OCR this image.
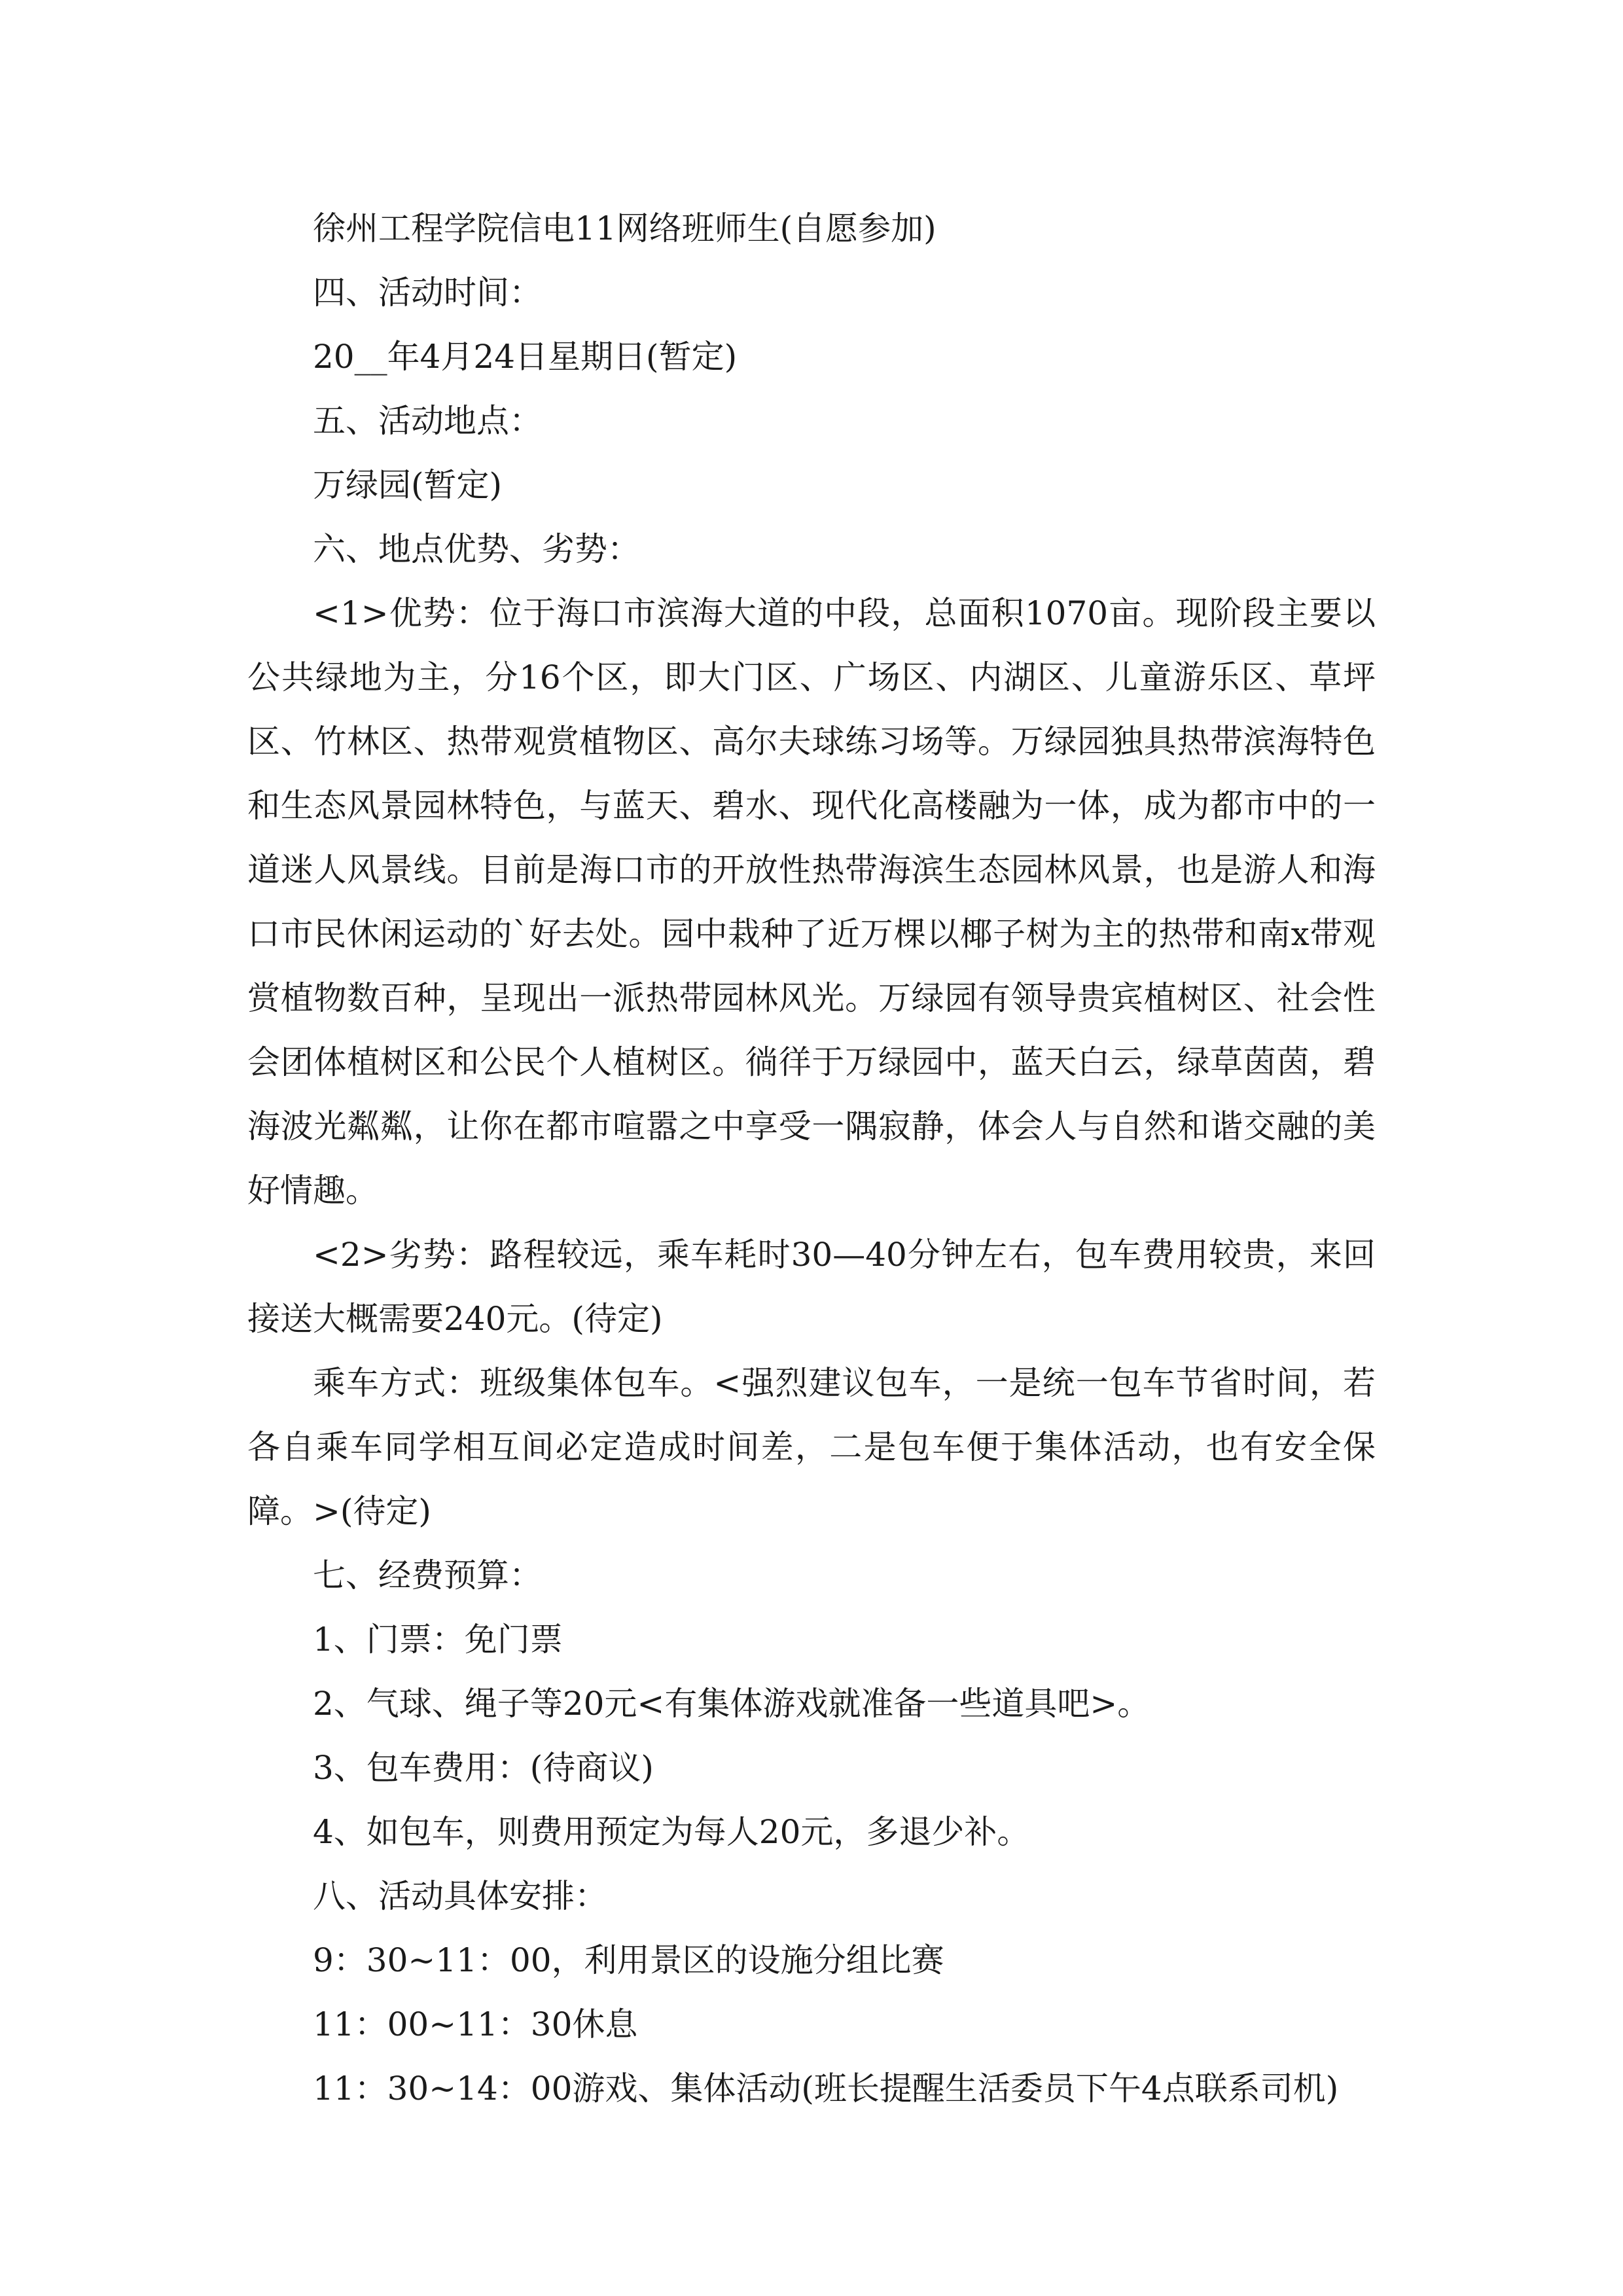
徐州工程学院信电11网络班师生(自愿参加)

四、活动时间：

20__年4月24日星期日(暂定)

五、活动地点：

万绿园(暂定)

六、地点优势、劣势：

<1>优势：位于海口市滨海大道的中段，总面积1070亩。现阶段主要以公共绿地为主，分16个区，即大门区、广场区、内湖区、儿童游乐区、草坪区、竹林区、热带观赏植物区、高尔夫球练习场等。万绿园独具热带滨海特色和生态风景园林特色，与蓝天、碧水、现代化高楼融为一体，成为都市中的一道迷人风景线。目前是海口市的开放性热带海滨生态园林风景，也是游人和海口市民休闲运动的`好去处。园中栽种了近万棵以椰子树为主的热带和南x带观赏植物数百种，呈现出一派热带园林风光。万绿园有领导贵宾植树区、社会性会团体植树区和公民个人植树区。徜徉于万绿园中，蓝天白云，绿草茵茵，碧海波光粼粼，让你在都市喧嚣之中享受一隅寂静，体会人与自然和谐交融的美好情趣。

<2>劣势：路程较远，乘车耗时30—40分钟左右，包车费用较贵，来回接送大概需要240元。(待定)

乘车方式：班级集体包车。<强烈建议包车，一是统一包车节省时间，若各自乘车同学相互间必定造成时间差，二是包车便于集体活动，也有安全保障。>(待定)

七、经费预算：

1、门票：免门票

2、气球、绳子等20元<有集体游戏就准备一些道具吧>。

3、包车费用：(待商议)

4、如包车，则费用预定为每人20元，多退少补。

八、活动具体安排：

9：30~11：00，利用景区的设施分组比赛

11：00~11：30休息

11：30~14：00游戏、集体活动(班长提醒生活委员下午4点联系司机)
